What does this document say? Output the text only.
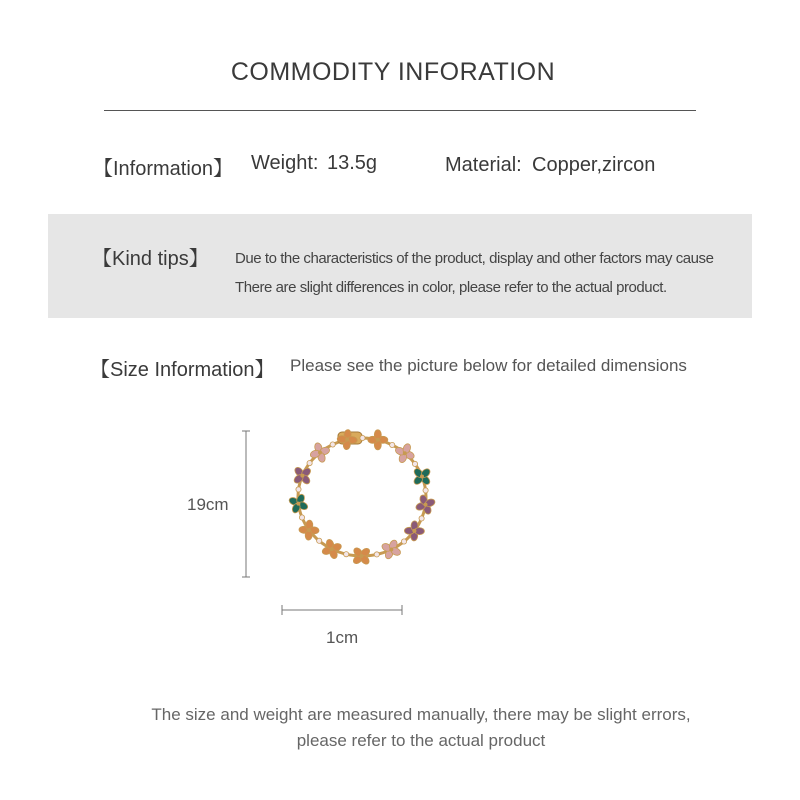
COMMODITY INFORATION
【Information】 Weight: 13.5g	Material: Copper,zircon
【Kind tips】 Due to the characteristics of the product, display and other factors may cause
There are slight differences in color, please refer to the actual product.
【Size Information】 Please see the picture below for detailed dimensions
19cm
1cm
The size and weight are measured manually, there may be slight errors,
please refer to the actual product
